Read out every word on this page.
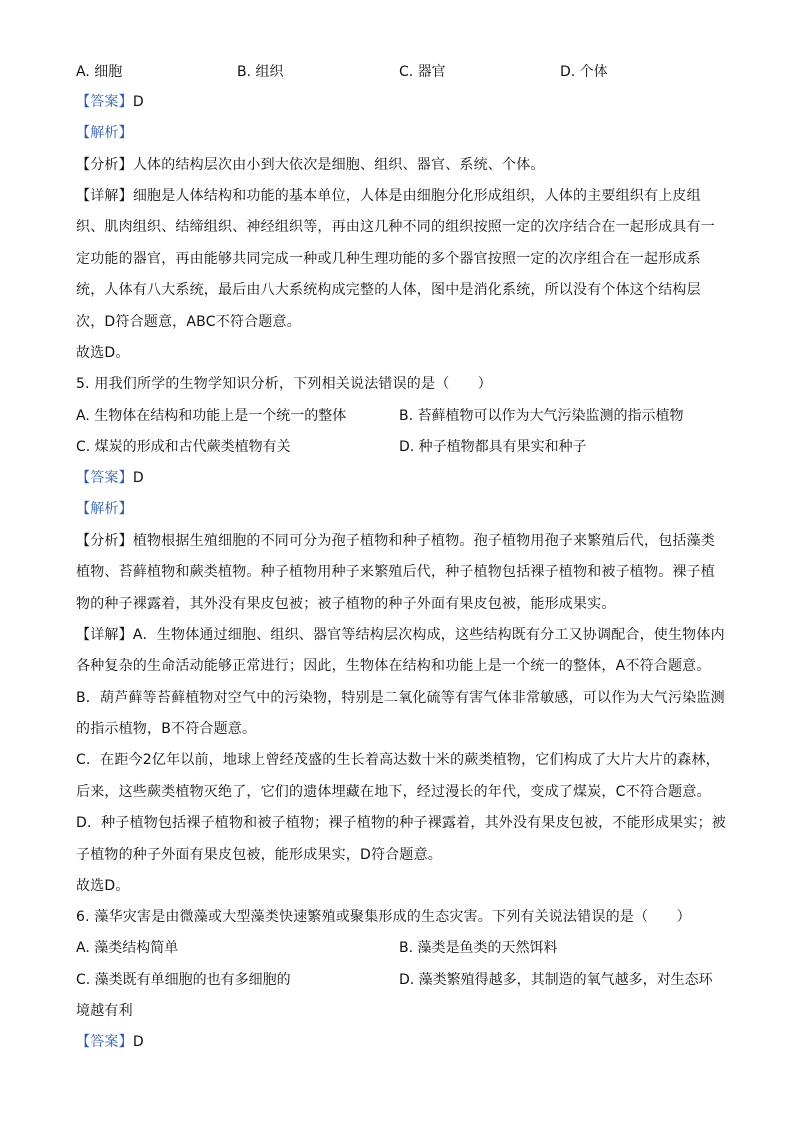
A. 细胞	B. 组织	C. 器官	D. 个体
【答案】D
【解析】
【分析】人体的结构层次由小到大依次是细胞、组织、器官、系统、个体。
【详解】细胞是人体结构和功能的基本单位，人体是由细胞分化形成组织，人体的主要组织有上皮组
织、肌肉组织、结缔组织、神经组织等，再由这几种不同的组织按照一定的次序结合在一起形成具有一
定功能的器官，再由能够共同完成一种或几种生理功能的多个器官按照一定的次序组合在一起形成系
统，人体有八大系统，最后由八大系统构成完整的人体，图中是消化系统，所以没有个体这个结构层
次，D符合题意，ABC不符合题意。
故选D。
5. 用我们所学的生物学知识分析，下列相关说法错误的是（　　）
A. 生物体在结构和功能上是一个统一的整体	B. 苔藓植物可以作为大气污染监测的指示植物
C. 煤炭的形成和古代蕨类植物有关	D. 种子植物都具有果实和种子
【答案】D
【解析】
【分析】植物根据生殖细胞的不同可分为孢子植物和种子植物。孢子植物用孢子来繁殖后代，包括藻类
植物、苔藓植物和蕨类植物。种子植物用种子来繁殖后代，种子植物包括裸子植物和被子植物。裸子植
物的种子裸露着，其外没有果皮包被；被子植物的种子外面有果皮包被，能形成果实。
【详解】A．生物体通过细胞、组织、器官等结构层次构成，这些结构既有分工又协调配合，使生物体内
各种复杂的生命活动能够正常进行；因此，生物体在结构和功能上是一个统一的整体，A不符合题意。
B．葫芦藓等苔藓植物对空气中的污染物，特别是二氧化硫等有害气体非常敏感，可以作为大气污染监测
的指示植物，B不符合题意。
C．在距今2亿年以前，地球上曾经茂盛的生长着高达数十米的蕨类植物，它们构成了大片大片的森林，
后来，这些蕨类植物灭绝了，它们的遗体埋藏在地下，经过漫长的年代，变成了煤炭，C不符合题意。
D．种子植物包括裸子植物和被子植物；裸子植物的种子裸露着，其外没有果皮包被，不能形成果实；被
子植物的种子外面有果皮包被，能形成果实，D符合题意。
故选D。
6. 藻华灾害是由微藻或大型藻类快速繁殖或聚集形成的生态灾害。下列有关说法错误的是（　　）
A. 藻类结构简单	B. 藻类是鱼类的天然饵料
C. 藻类既有单细胞的也有多细胞的	D. 藻类繁殖得越多，其制造的氧气越多，对生态环
境越有利
【答案】D
